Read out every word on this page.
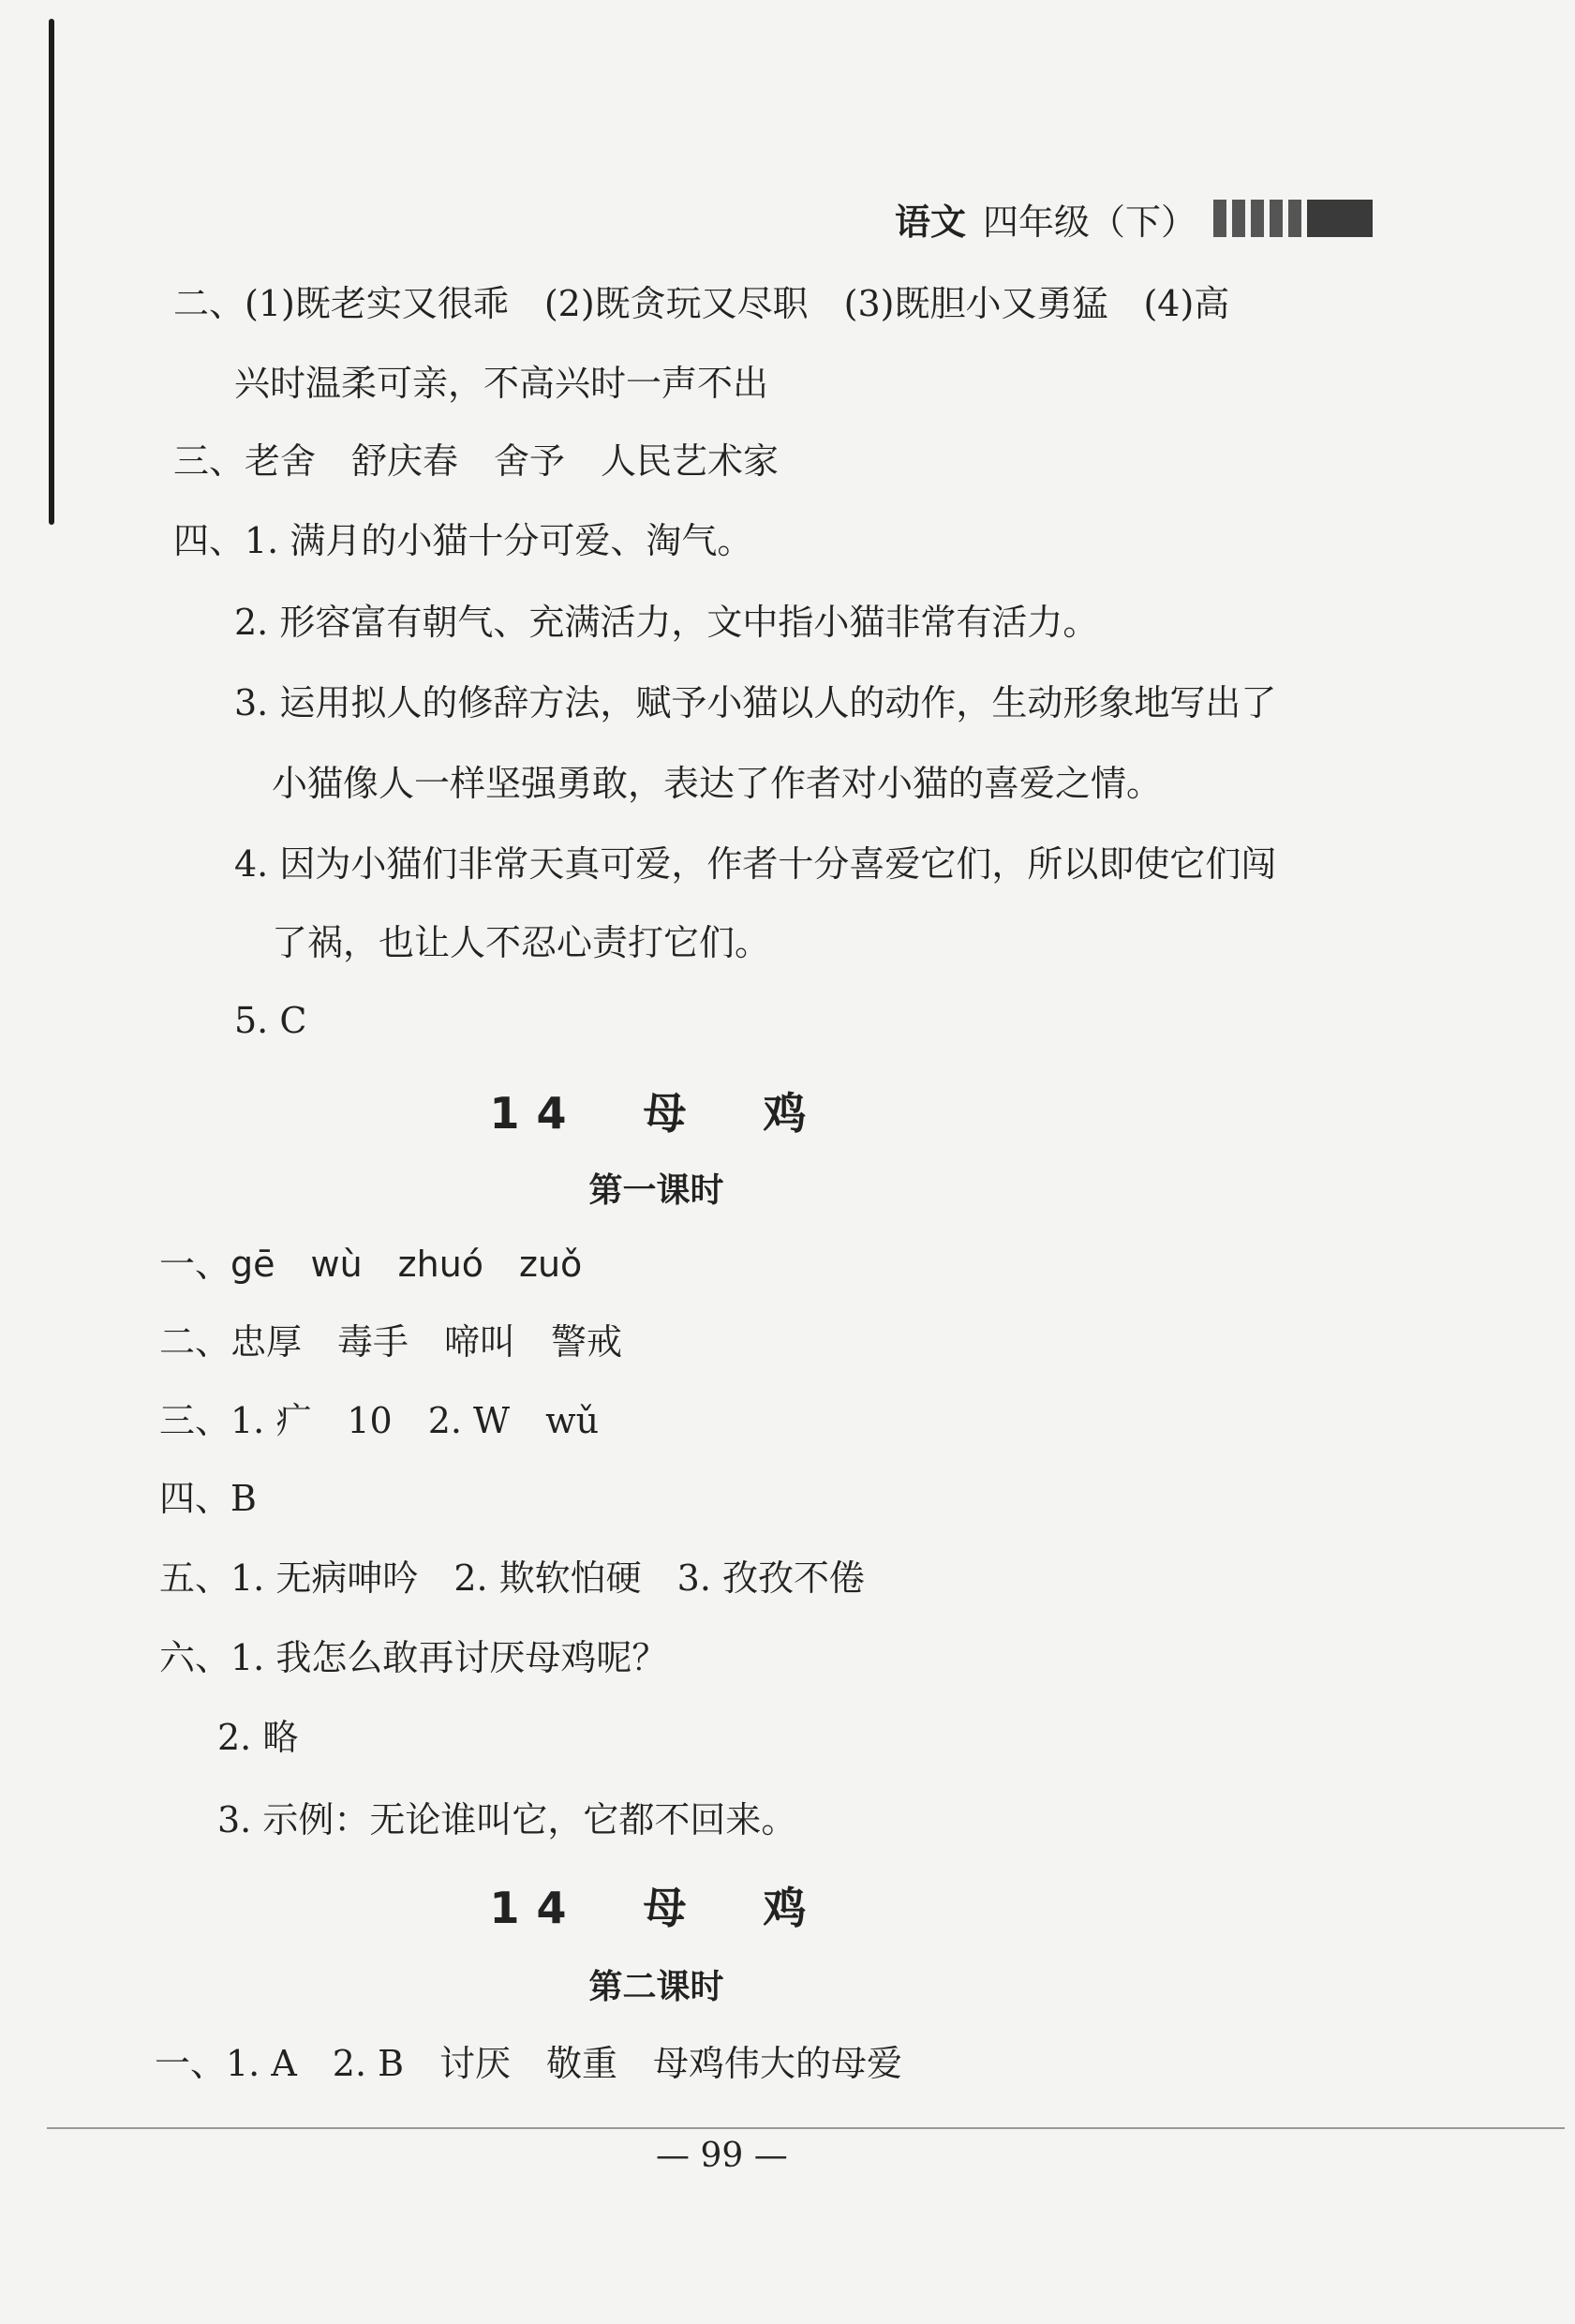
语文 四年级（下）
二、(1)既老实又很乖　(2)既贪玩又尽职　(3)既胆小又勇猛　(4)高
兴时温柔可亲，不高兴时一声不出
三、老舍　舒庆春　舍予　人民艺术家
四、1. 满月的小猫十分可爱、淘气。
2. 形容富有朝气、充满活力，文中指小猫非常有活力。
3. 运用拟人的修辞方法，赋予小猫以人的动作，生动形象地写出了
小猫像人一样坚强勇敢，表达了作者对小猫的喜爱之情。
4. 因为小猫们非常天真可爱，作者十分喜爱它们，所以即使它们闯
了祸，也让人不忍心责打它们。
5. C
14　母　鸡
第一课时
一、gē　wù　zhuó　zuǒ
二、忠厚　毒手　啼叫　警戒
三、1. 疒　10　2. W　wǔ
四、B
五、1. 无病呻吟　2. 欺软怕硬　3. 孜孜不倦
六、1. 我怎么敢再讨厌母鸡呢？
2. 略
3. 示例：无论谁叫它，它都不回来。
14　母　鸡
第二课时
一、1. A　2. B　讨厌　敬重　母鸡伟大的母爱
— 99 —
